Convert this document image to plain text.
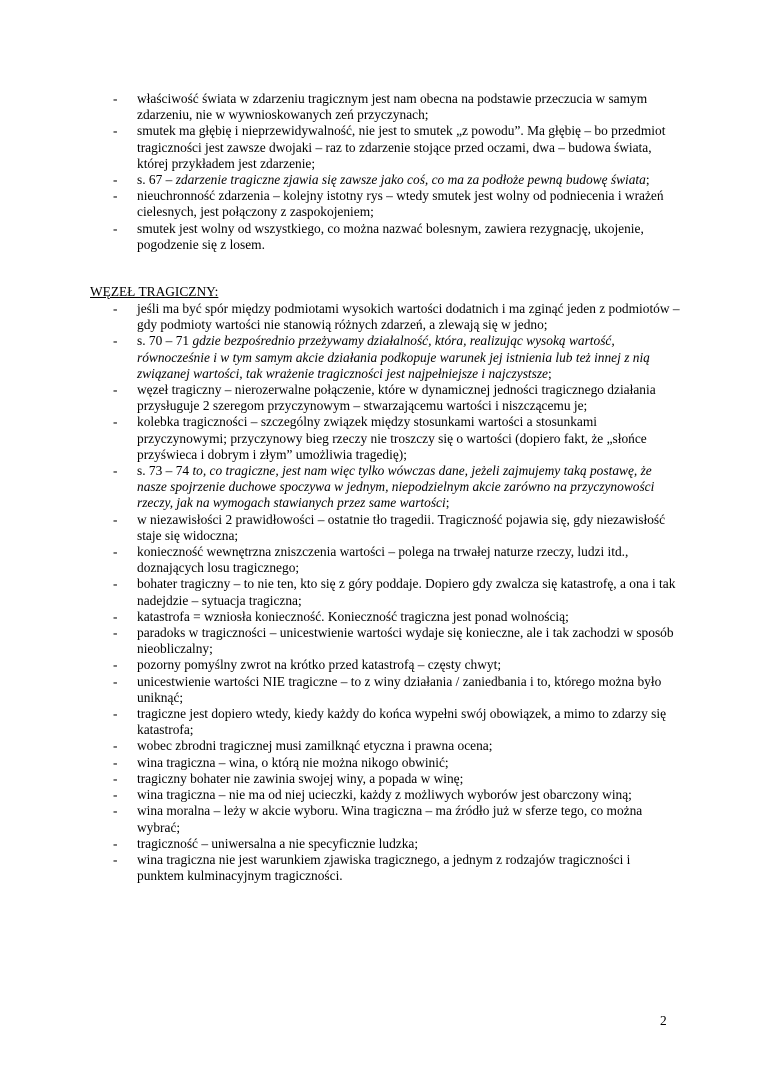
- właściwość świata w zdarzeniu tragicznym jest nam obecna na podstawie przeczucia w samym zdarzeniu, nie w wywnioskowanych zeń przyczynach;
- smutek ma głębię i nieprzewidywalność, nie jest to smutek „z powodu”. Ma głębię – bo przedmiot tragiczności jest zawsze dwojaki – raz to zdarzenie stojące przed oczami, dwa – budowa świata, której przykładem jest zdarzenie;
- s. 67 – zdarzenie tragiczne zjawia się zawsze jako coś, co ma za podłoże pewną budowę świata;
- nieuchronność zdarzenia – kolejny istotny rys – wtedy smutek jest wolny od podniecenia i wrażeń cielesnych, jest połączony z zaspokojeniem;
- smutek jest wolny od wszystkiego, co można nazwać bolesnym, zawiera rezygnację, ukojenie, pogodzenie się z losem.
WĘZEŁ TRAGICZNY:
- jeśli ma być spór między podmiotami wysokich wartości dodatnich i ma zginąć jeden z podmiotów – gdy podmioty wartości nie stanowią różnych zdarzeń, a zlewają się w jedno;
- s. 70 – 71 gdzie bezpośrednio przeżywamy działalność, która, realizując wysoką wartość, równocześnie i w tym samym akcie działania podkopuje warunek jej istnienia lub też innej z nią związanej wartości, tak wrażenie tragiczności jest najpełniejsze i najczystsze;
- węzeł tragiczny – nierozerwalne połączenie, które w dynamicznej jedności tragicznego działania przysługuje 2 szeregom przyczynowym – stwarzającemu wartości i niszczącemu je;
- kolebka tragiczności – szczególny związek między stosunkami wartości a stosunkami przyczynowymi; przyczynowy bieg rzeczy nie troszczy się o wartości (dopiero fakt, że „słońce przyświeca i dobrym i złym” umożliwia tragedię);
- s. 73 – 74 to, co tragiczne, jest nam więc tylko wówczas dane, jeżeli zajmujemy taką postawę, że nasze spojrzenie duchowe spoczywa w jednym, niepodzielnym akcie zarówno na przyczynowości rzeczy, jak na wymogach stawianych przez same wartości;
- w niezawisłości 2 prawidłowości – ostatnie tło tragedii. Tragiczność pojawia się, gdy niezawisłość staje się widoczna;
- konieczność wewnętrzna zniszczenia wartości – polega na trwałej naturze rzeczy, ludzi itd., doznających losu tragicznego;
- bohater tragiczny – to nie ten, kto się z góry poddaje. Dopiero gdy zwalcza się katastrofę, a ona i tak nadejdzie – sytuacja tragiczna;
- katastrofa = wzniosła konieczność. Konieczność tragiczna jest ponad wolnością;
- paradoks w tragiczności – unicestwienie wartości wydaje się konieczne, ale i tak zachodzi w sposób nieobliczalny;
- pozorny pomyślny zwrot na krótko przed katastrofą – częsty chwyt;
- unicestwienie wartości NIE tragiczne – to z winy działania / zaniedbania i to, którego można było uniknąć;
- tragiczne jest dopiero wtedy, kiedy każdy do końca wypełni swój obowiązek, a mimo to zdarzy się katastrofa;
- wobec zbrodni tragicznej musi zamilknąć etyczna i prawna ocena;
- wina tragiczna – wina, o którą nie można nikogo obwinić;
- tragiczny bohater nie zawinia swojej winy, a popada w winę;
- wina tragiczna – nie ma od niej ucieczki, każdy z możliwych wyborów jest obarczony winą;
- wina moralna – leży w akcie wyboru. Wina tragiczna – ma źródło już w sferze tego, co można wybrać;
- tragiczność – uniwersalna a nie specyficznie ludzka;
- wina tragiczna nie jest warunkiem zjawiska tragicznego, a jednym z rodzajów tragiczności i punktem kulminacyjnym tragiczności.
2
